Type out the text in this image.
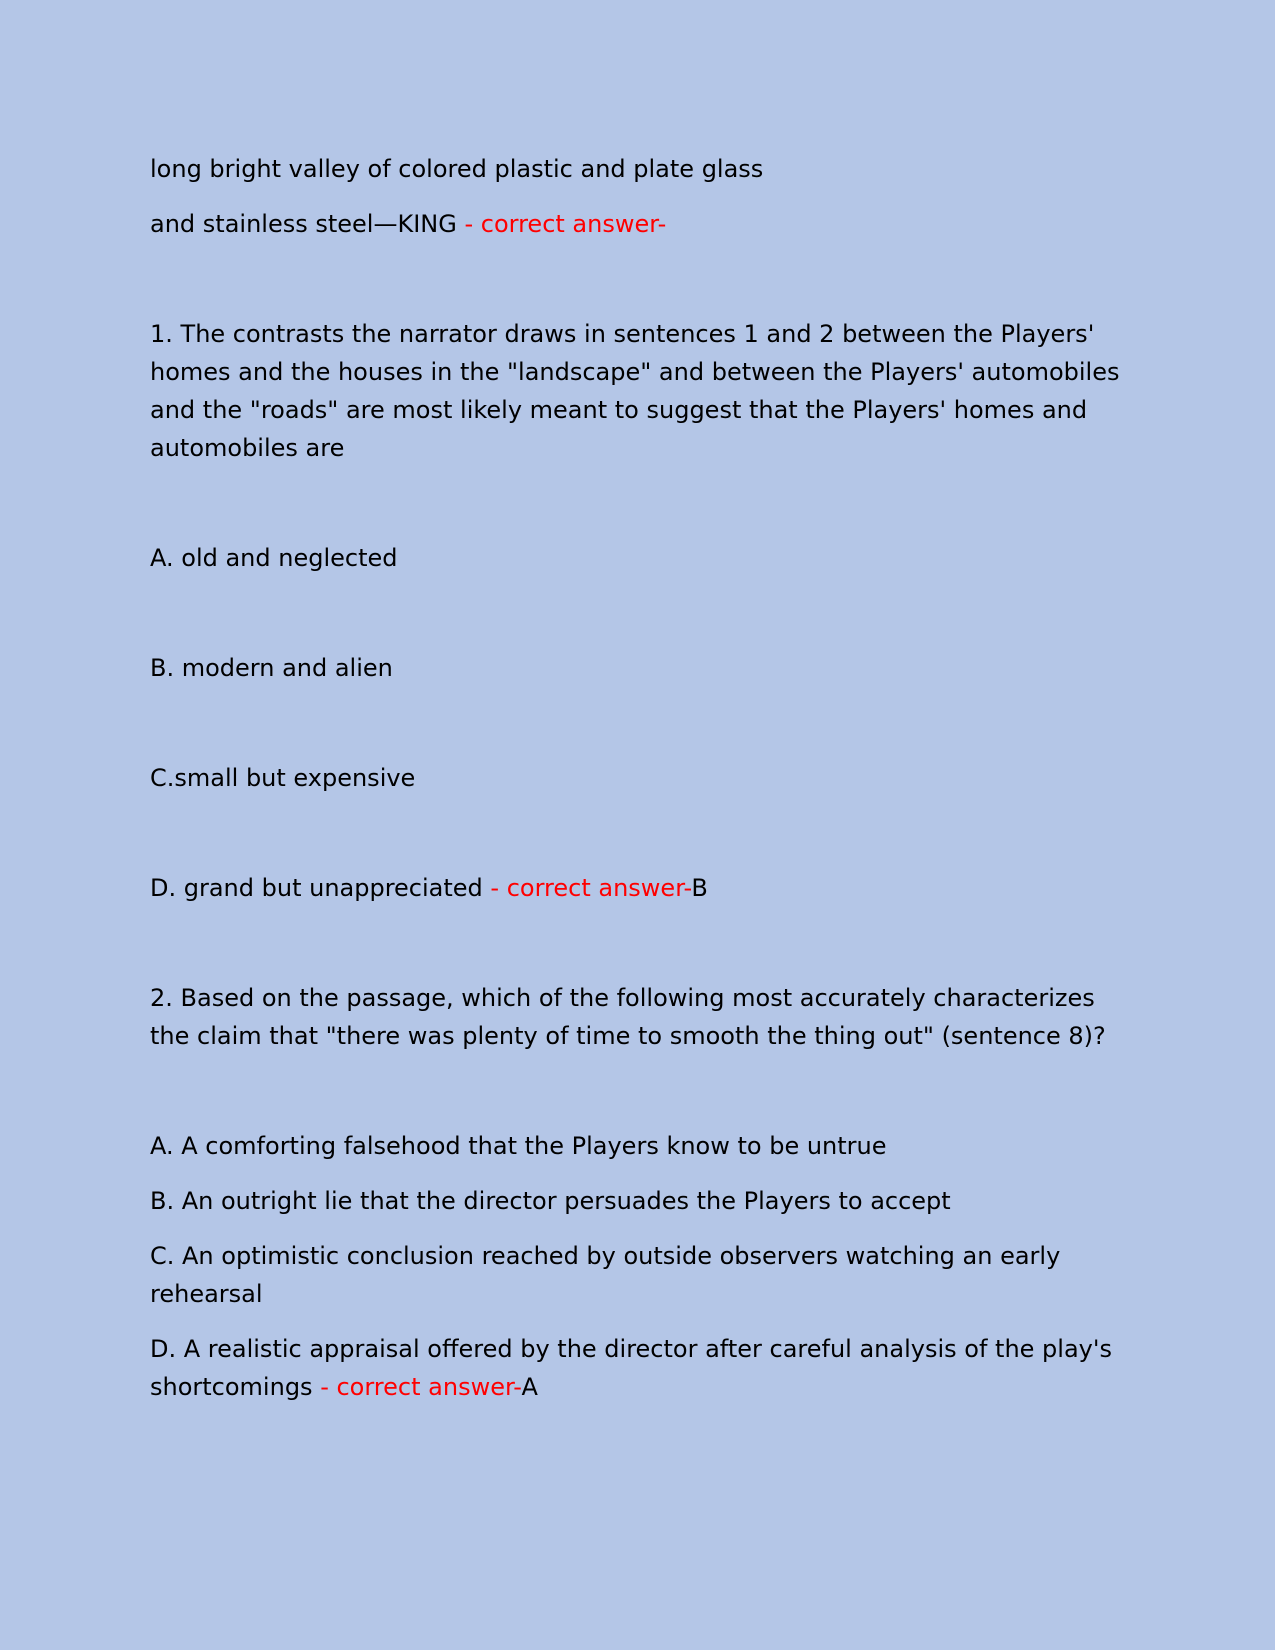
long bright valley of colored plastic and plate glass

and stainless steel—KING - correct answer-

1. The contrasts the narrator draws in sentences 1 and 2 between the Players' homes and the houses in the "landscape" and between the Players' automobiles and the "roads" are most likely meant to suggest that the Players' homes and automobiles are

A. old and neglected

B. modern and alien

C.small but expensive

D. grand but unappreciated - correct answer-B

2. Based on the passage, which of the following most accurately characterizes the claim that "there was plenty of time to smooth the thing out" (sentence 8)?

A. A comforting falsehood that the Players know to be untrue

B. An outright lie that the director persuades the Players to accept

C. An optimistic conclusion reached by outside observers watching an early rehearsal

D. A realistic appraisal offered by the director after careful analysis of the play's shortcomings - correct answer-A
